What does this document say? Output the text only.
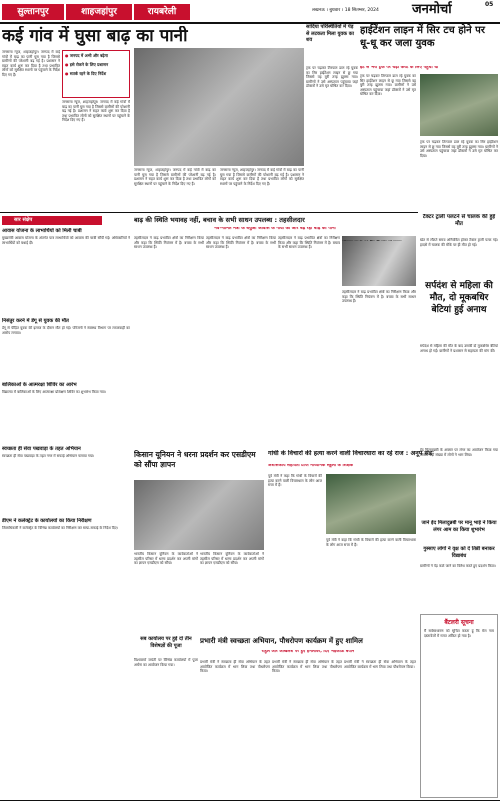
सुल्तानपुर	शाहजहांपुर	रायबरेली	लखनऊ । बुधवार । 18 सितम्बर, 2024	जनमोर्चा	05
कई गांव में घुसा बाढ़ का पानी
जनसत्ता न्यूज, शाहजहांपुर। जनपद में कई गांवों में बाढ़ का पानी घुस गया है जिससे ग्रामीणों की परेशानी बढ़ गई है। प्रशासन ने राहत कार्य शुरू कर दिया है तथा प्रभावित लोगों को सुरक्षित स्थानों पर पहुंचाने के निर्देश दिए गए हैं।
● जनपद में अभी और बढ़ेगा
● इसे रोकने के लिए प्रशासन
● सतर्क रहने के दिए निर्देश
जनसत्ता न्यूज, शाहजहांपुर। जनपद में कई गांवों में बाढ़ का पानी घुस गया है जिससे ग्रामीणों की परेशानी बढ़ गई है। प्रशासन ने राहत कार्य शुरू कर दिया है तथा प्रभावित लोगों को सुरक्षित स्थानों पर पहुंचाने के निर्देश दिए गए हैं।
जनसत्ता न्यूज, शाहजहांपुर। जनपद में कई गांवों में बाढ़ का पानी घुस गया है जिससे ग्रामीणों की परेशानी बढ़ गई है। प्रशासन ने राहत कार्य शुरू कर दिया है तथा प्रभावित लोगों को सुरक्षित स्थानों पर पहुंचाने के निर्देश दिए गए हैं।
जनसत्ता न्यूज, शाहजहांपुर। जनपद में कई गांवों में बाढ़ का पानी घुस गया है जिससे ग्रामीणों की परेशानी बढ़ गई है। प्रशासन ने राहत कार्य शुरू कर दिया है तथा प्रभावित लोगों को सुरक्षित स्थानों पर पहुंचाने के निर्देश दिए गए हैं।
सादिया परिस्थितियों में पेड़ से लटकता मिला युवक का शव
हाईटेंशन लाइन में सिर टच होने पर धू-धू कर जला युवक
ईंट से भरी ट्रक पर चढ़ा करंट के लिए पहुंचा था
ट्रक पर चढ़कर तिरपाल डाल रहे युवक का सिर हाईटेंशन लाइन से छू गया जिससे वह बुरी तरह झुलस गया। ग्रामीणों ने उसे अस्पताल पहुंचाया जहां डॉक्टरों ने उसे मृत घोषित कर दिया।
ट्रक पर चढ़कर तिरपाल डाल रहे युवक का सिर हाईटेंशन लाइन से छू गया जिससे वह बुरी तरह झुलस गया। ग्रामीणों ने उसे अस्पताल पहुंचाया जहां डॉक्टरों ने उसे मृत घोषित कर दिया।
ट्रक पर चढ़कर तिरपाल डाल रहे युवक का सिर हाईटेंशन लाइन से छू गया जिससे वह बुरी तरह झुलस गया। ग्रामीणों ने उसे अस्पताल पहुंचाया जहां डॉक्टरों ने उसे मृत घोषित कर दिया।
टैक्टर ट्राली पलटने से चालक की हुई मौत
खेत से लौटते समय अनियंत्रित होकर टैक्टर ट्राली पलट गई। हादसे में चालक की मौके पर ही मौत हो गई।
सार संक्षेप
आवास योजना के लाभार्थियों को मिली चाबी
मुख्यमंत्री आवास योजना के अंतर्गत पात्र लाभार्थियों को आवास की चाबी सौंपी गई। अधिकारियों ने लाभार्थियों को बधाई दी।
निसंतुर करने में डेंगू से युवक की मौत
डेंगू से पीड़ित युवक की इलाज के दौरान मौत हो गई। परिजनों ने स्वास्थ्य विभाग पर लापरवाही का आरोप लगाया।
बालिकाओं के आत्मरक्षा शिविर का आरंभ
विद्यालय में बालिकाओं के लिए आत्मरक्षा प्रशिक्षण शिविर का शुभारंभ किया गया।
स्वच्छता ही सेवा पखवाड़ा के तहत अभियान
स्वच्छता ही सेवा पखवाड़ा के तहत नगर में सफाई अभियान चलाया गया।
डीएम ने कलेक्ट्रेट के कार्यालयों का किया निरीक्षण
जिलाधिकारी ने कलेक्ट्रेट के विभिन्न कार्यालयों का निरीक्षण कर साफ-सफाई के निर्देश दिए।
बाढ़ की स्थिति भयावह नहीं, बचाव के सभी साधन उपलब्ध : तहसीलदार
नव-नामित मंत्री के बंधुआ आवास के गांवों की ओर बढ़ रहा बाढ़ का पानी
तहसीलदार ने बाढ़ प्रभावित क्षेत्रों का निरीक्षण किया और कहा कि स्थिति नियंत्रण में है। बचाव के सभी साधन उपलब्ध हैं।
तहसीलदार ने बाढ़ प्रभावित क्षेत्रों का निरीक्षण किया और कहा कि स्थिति नियंत्रण में है। बचाव के सभी साधन उपलब्ध हैं।
तहसीलदार ने बाढ़ प्रभावित क्षेत्रों का निरीक्षण किया और कहा कि स्थिति नियंत्रण में है। बचाव के सभी साधन उपलब्ध हैं।
तहसीलदार ने बाढ़ प्रभावित क्षेत्रों का निरीक्षण किया और कहा कि स्थिति नियंत्रण में है। बचाव के सभी साधन उपलब्ध हैं।
सर्पदंश से महिला की मौत, दो मूकबधिर बेटियां हुई अनाथ
सर्पदंश से महिला की मौत के बाद उसकी दो मूकबधिर बेटियां अनाथ हो गईं। ग्रामीणों ने प्रशासन से सहायता की मांग की।
किसान यूनियन ने धरना प्रदर्शन कर एसडीएम को सौंपा ज्ञापन
भारतीय किसान यूनियन के कार्यकर्ताओं ने तहसील परिसर में धरना प्रदर्शन कर अपनी मांगों का ज्ञापन एसडीएम को सौंपा।
भारतीय किसान यूनियन के कार्यकर्ताओं ने तहसील परिसर में धरना प्रदर्शन कर अपनी मांगों का ज्ञापन एसडीएम को सौंपा।
गांधी के विचारों की हत्या करने वाली विचारधारा का रहे राज : अनूप संड
अशासकीय सहायता प्राप्त माध्यमिक स्कूलों के शिक्षक
पूर्व मंत्री ने कहा कि गांधी के विचारों की हत्या करने वाली विचारधारा के लोग आज सत्ता में हैं।
पूर्व मंत्री ने कहा कि गांधी के विचारों की हत्या करने वाली विचारधारा के लोग आज सत्ता में हैं।
ईद मिलादुन्नबी के अवसर पर लंगर का आयोजन किया गया जिसमें बड़ी संख्या में लोगों ने भाग लिया।
सब कार्यालय पर हुई दो तीन विशेषज्ञों की पूजा
विश्वकर्मा जयंती पर विभिन्न कार्यालयों में पूजा अर्चना का आयोजन किया गया।
प्रभारी मंत्री स्वच्छता अभियान, पौधरोपण कार्यक्रम में हुए शामिल
राहुल और अखिलेश पर हुए हमलावर, दिए भड़काऊ बयान
प्रभारी मंत्री ने स्वच्छता ही सेवा अभियान के तहत आयोजित कार्यक्रम में भाग लिया तथा पौधरोपण किया।
प्रभारी मंत्री ने स्वच्छता ही सेवा अभियान के तहत आयोजित कार्यक्रम में भाग लिया तथा पौधरोपण किया।
प्रभारी मंत्री ने स्वच्छता ही सेवा अभियान के तहत आयोजित कार्यक्रम में भाग लिया तथा पौधरोपण किया।
जाने ईद मिलादुन्नबी पर मानू भाई ने किया लंगर आम का किया शुभारंभ
गुस्साए लोगों ने वृक्ष को दे तिन्नी बनाकर विद्याबंध
ग्रामीणों ने पेड़ काटे जाने का विरोध करते हुए प्रदर्शन किया।
बैंटलरी सूचना
मैं सर्वसाधारण को सूचित करता हूं कि मेरा नाम दस्तावेजों में गलत अंकित हो गया है।
